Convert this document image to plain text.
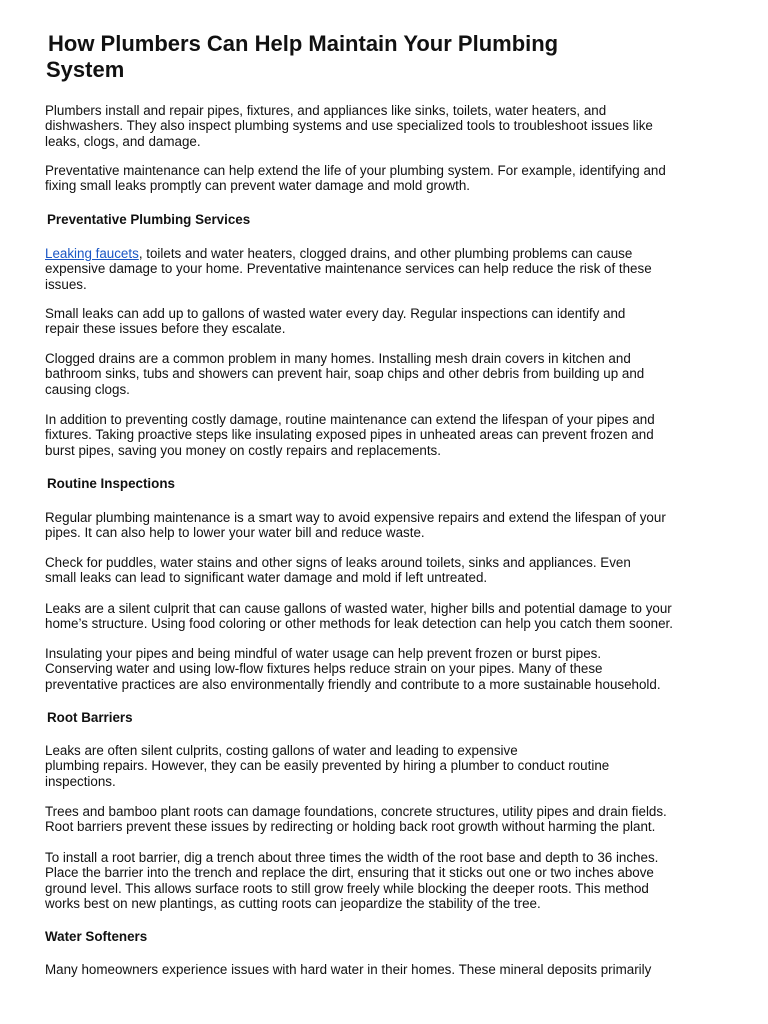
How Plumbers Can Help Maintain Your Plumbing
System

Plumbers install and repair pipes, fixtures, and appliances like sinks, toilets, water heaters, and
dishwashers. They also inspect plumbing systems and use specialized tools to troubleshoot issues like
leaks, clogs, and damage.

Preventative maintenance can help extend the life of your plumbing system. For example, identifying and
fixing small leaks promptly can prevent water damage and mold growth.

Preventative Plumbing Services

Leaking faucets, toilets and water heaters, clogged drains, and other plumbing problems can cause
expensive damage to your home. Preventative maintenance services can help reduce the risk of these
issues.

Small leaks can add up to gallons of wasted water every day. Regular inspections can identify and
repair these issues before they escalate.

Clogged drains are a common problem in many homes. Installing mesh drain covers in kitchen and
bathroom sinks, tubs and showers can prevent hair, soap chips and other debris from building up and
causing clogs.

In addition to preventing costly damage, routine maintenance can extend the lifespan of your pipes and
fixtures. Taking proactive steps like insulating exposed pipes in unheated areas can prevent frozen and
burst pipes, saving you money on costly repairs and replacements.

Routine Inspections

Regular plumbing maintenance is a smart way to avoid expensive repairs and extend the lifespan of your
pipes. It can also help to lower your water bill and reduce waste.

Check for puddles, water stains and other signs of leaks around toilets, sinks and appliances. Even
small leaks can lead to significant water damage and mold if left untreated.

Leaks are a silent culprit that can cause gallons of wasted water, higher bills and potential damage to your
home’s structure. Using food coloring or other methods for leak detection can help you catch them sooner.

Insulating your pipes and being mindful of water usage can help prevent frozen or burst pipes.
Conserving water and using low-flow fixtures helps reduce strain on your pipes. Many of these
preventative practices are also environmentally friendly and contribute to a more sustainable household.

Root Barriers

Leaks are often silent culprits, costing gallons of water and leading to expensive
plumbing repairs. However, they can be easily prevented by hiring a plumber to conduct routine
inspections.

Trees and bamboo plant roots can damage foundations, concrete structures, utility pipes and drain fields.
Root barriers prevent these issues by redirecting or holding back root growth without harming the plant.

To install a root barrier, dig a trench about three times the width of the root base and depth to 36 inches.
Place the barrier into the trench and replace the dirt, ensuring that it sticks out one or two inches above
ground level. This allows surface roots to still grow freely while blocking the deeper roots. This method
works best on new plantings, as cutting roots can jeopardize the stability of the tree.

Water Softeners

Many homeowners experience issues with hard water in their homes. These mineral deposits primarily
